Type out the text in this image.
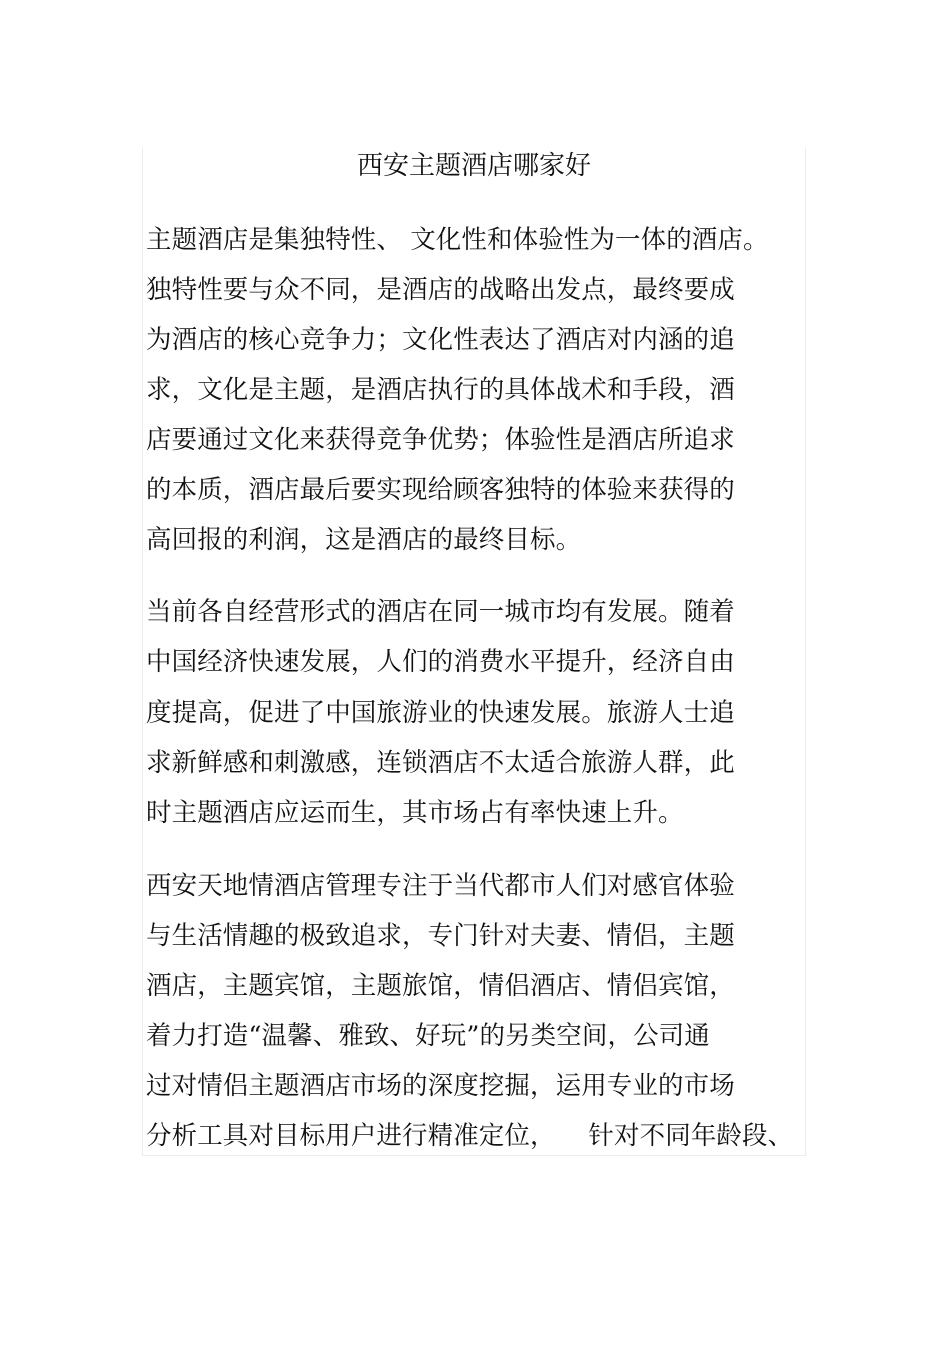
西安主题酒店哪家好
主题酒店是集独特性、 文化性和体验性为一体的酒店。
独特性要与众不同，是酒店的战略出发点，最终要成
为酒店的核心竞争力；文化性表达了酒店对内涵的追
求，文化是主题，是酒店执行的具体战术和手段，酒
店要通过文化来获得竞争优势；体验性是酒店所追求
的本质，酒店最后要实现给顾客独特的体验来获得的
高回报的利润，这是酒店的最终目标。
当前各自经营形式的酒店在同一城市均有发展。随着
中国经济快速发展，人们的消费水平提升，经济自由
度提高，促进了中国旅游业的快速发展。旅游人士追
求新鲜感和刺激感，连锁酒店不太适合旅游人群，此
时主题酒店应运而生，其市场占有率快速上升。
西安天地情酒店管理专注于当代都市人们对感官体验
与生活情趣的极致追求，专门针对夫妻、情侣，主题
酒店，主题宾馆，主题旅馆，情侣酒店、情侣宾馆，
着力打造“温馨、雅致、好玩”的另类空间，公司通
过对情侣主题酒店市场的深度挖掘，运用专业的市场
分析工具对目标用户进行精准定位，    针对不同年龄段、
